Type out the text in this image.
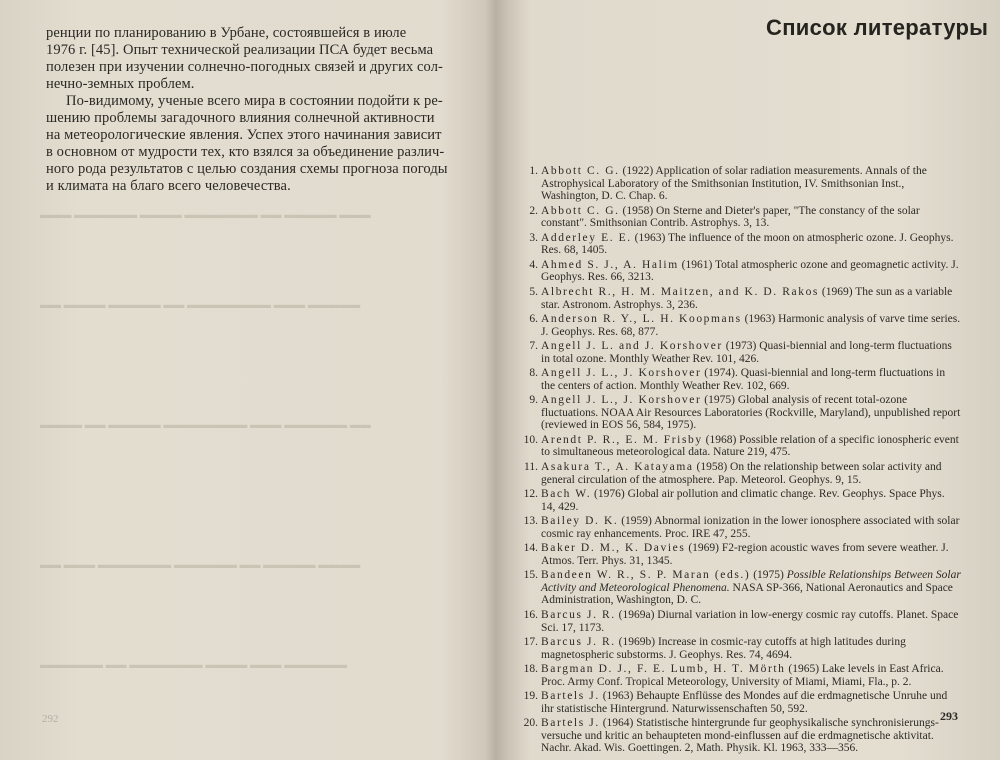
ренции по планированию в Урбане, состоявшейся в июле
1976 г. [45]. Опыт технической реализации ПСА будет весьма
полезен при изучении солнечно-погодных связей и других сол-
нечно-земных проблем.
По-видимому, ученые всего мира в состоянии подойти к ре-
шению проблемы загадочного влияния солнечной активности
на метеорологические явления. Успех этого начинания зависит
в основном от мудрости тех, кто взялся за объединение различ-
ного рода результатов с целью создания схемы прогноза погоды
и климата на благо всего человечества.
▬▬▬ ▬▬▬▬▬ ▬▬ ▬▬▬▬▬▬▬ ▬▬▬▬ ▬▬▬▬▬▬ ▬▬▬
▬▬▬▬▬ ▬▬▬ ▬▬▬▬▬▬▬▬ ▬▬ ▬▬▬▬▬ ▬▬▬▬ ▬▬
▬▬ ▬▬▬▬▬▬ ▬▬▬ ▬▬▬▬▬▬▬▬ ▬▬▬▬▬ ▬▬ ▬▬▬▬
▬▬▬▬ ▬▬▬▬▬ ▬▬ ▬▬▬▬▬▬ ▬▬▬▬▬▬▬ ▬▬▬ ▬▬
▬▬▬▬▬▬ ▬▬▬ ▬▬▬▬ ▬▬▬▬▬▬▬ ▬▬ ▬▬▬▬▬▬
292
Список литературы
1. Abbott C. G. (1922) Application of solar radiation measurements. Annals of the Astrophysical Laboratory of the Smithsonian Institution, IV. Smithsonian Inst., Washington, D. C. Chap. 6.
2. Abbott C. G. (1958) On Sterne and Dieter's paper, "The constancy of the solar constant". Smithsonian Contrib. Astrophys. 3, 13.
3. Adderley E. E. (1963) The influence of the moon on atmospheric ozone. J. Geophys. Res. 68, 1405.
4. Ahmed S. J., A. Halim (1961) Total atmospheric ozone and geomagnetic activity. J. Geophys. Res. 66, 3213.
5. Albrecht R., H. M. Maitzen, and K. D. Rakos (1969) The sun as a variable star. Astronom. Astrophys. 3, 236.
6. Anderson R. Y., L. H. Koopmans (1963) Harmonic analysis of varve time series. J. Geophys. Res. 68, 877.
7. Angell J. L. and J. Korshover (1973) Quasi-biennial and long-term fluctuations in total ozone. Monthly Weather Rev. 101, 426.
8. Angell J. L., J. Korshover (1974). Quasi-biennial and long-term fluctuations in the centers of action. Monthly Weather Rev. 102, 669.
9. Angell J. L., J. Korshover (1975) Global analysis of recent total-ozone fluctuations. NOAA Air Resources Laboratories (Rockville, Maryland), unpublished report (reviewed in EOS 56, 584, 1975).
10. Arendt P. R., E. M. Frisby (1968) Possible relation of a specific ionospheric event to simultaneous meteorological data. Nature 219, 475.
11. Asakura T., A. Katayama (1958) On the relationship between solar activity and general circulation of the atmosphere. Pap. Meteorol. Geophys. 9, 15.
12. Bach W. (1976) Global air pollution and climatic change. Rev. Geophys. Space Phys. 14, 429.
13. Bailey D. K. (1959) Abnormal ionization in the lower ionosphere associated with solar cosmic ray enhancements. Proc. IRE 47, 255.
14. Baker D. M., K. Davies (1969) F2-region acoustic waves from severe weather. J. Atmos. Terr. Phys. 31, 1345.
15. Bandeen W. R., S. P. Maran (eds.) (1975) Possible Relationships Between Solar Activity and Meteorological Phenomena. NASA SP-366, National Aeronautics and Space Administration, Washington, D. C.
16. Barcus J. R. (1969a) Diurnal variation in low-energy cosmic ray cutoffs. Planet. Space Sci. 17, 1173.
17. Barcus J. R. (1969b) Increase in cosmic-ray cutoffs at high latitudes during magnetospheric substorms. J. Geophys. Res. 74, 4694.
18. Bargman D. J., F. E. Lumb, H. T. Mörth (1965) Lake levels in East Africa. Proc. Army Conf. Tropical Meteorology, University of Miami, Miami, Fla., p. 2.
19. Bartels J. (1963) Behaupte Enflüsse des Mondes auf die erdmagnetische Unruhe und ihr statistische Hintergrund. Naturwissenschaften 50, 592.
20. Bartels J. (1964) Statistische hintergrunde fur geophysikalische synchronisierungs-versuche und kritic an behaupteten mond-einflussen auf die erdmagnetische aktivitat. Nachr. Akad. Wis. Goettingen. 2, Math. Physik. Kl. 1963, 333—356.
293
